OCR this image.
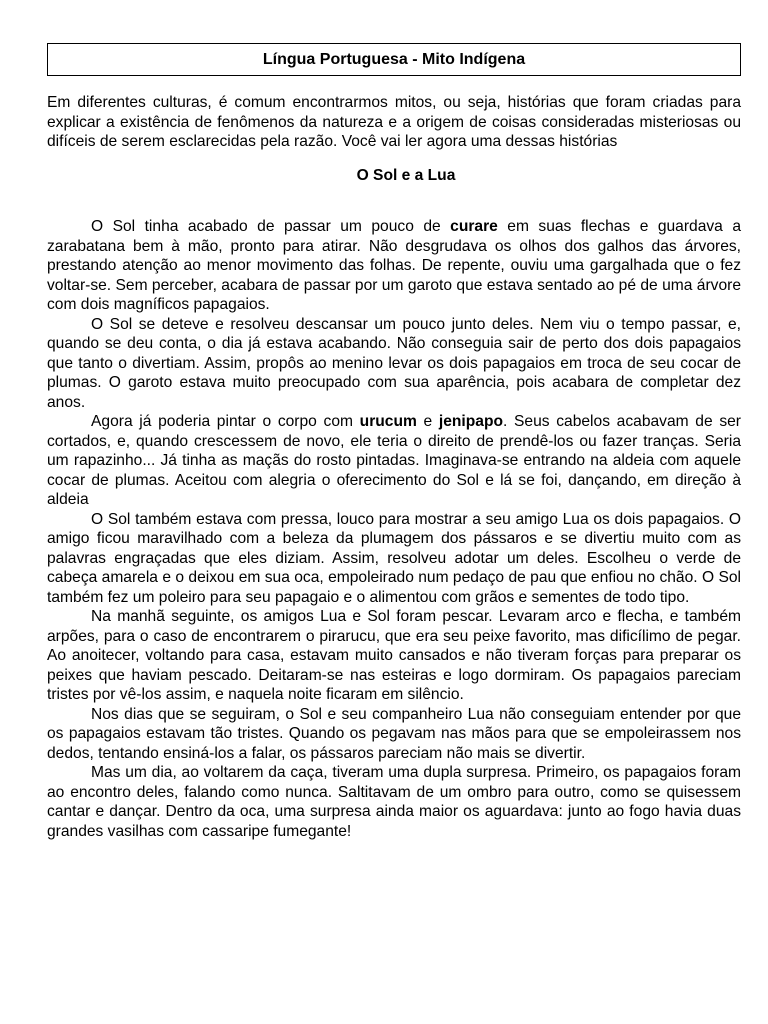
Língua Portuguesa - Mito Indígena
Em diferentes culturas, é comum encontrarmos mitos, ou seja, histórias que foram criadas para explicar a existência de fenômenos da natureza e a origem de coisas consideradas misteriosas ou difíceis de serem esclarecidas pela razão. Você vai ler agora uma dessas histórias
O Sol e a Lua

O Sol tinha acabado de passar um pouco de curare em suas flechas e guardava a zarabatana bem à mão, pronto para atirar. Não desgrudava os olhos dos galhos das árvores, prestando atenção ao menor movimento das folhas. De repente, ouviu uma gargalhada que o fez voltar-se. Sem perceber, acabara de passar por um garoto que estava sentado ao pé de uma árvore com dois magníficos papagaios.

O Sol se deteve e resolveu descansar um pouco junto deles. Nem viu o tempo passar, e, quando se deu conta, o dia já estava acabando. Não conseguia sair de perto dos dois papagaios que tanto o divertiam. Assim, propôs ao menino levar os dois papagaios em troca de seu cocar de plumas. O garoto estava muito preocupado com sua aparência, pois acabara de completar dez anos.

Agora já poderia pintar o corpo com urucum e jenipapo. Seus cabelos acabavam de ser cortados, e, quando crescessem de novo, ele teria o direito de prendê-los ou fazer tranças. Seria um rapazinho... Já tinha as maçãs do rosto pintadas. Imaginava-se entrando na aldeia com aquele cocar de plumas. Aceitou com alegria o oferecimento do Sol e lá se foi, dançando, em direção à aldeia

O Sol também estava com pressa, louco para mostrar a seu amigo Lua os dois papagaios. O amigo ficou maravilhado com a beleza da plumagem dos pássaros e se divertiu muito com as palavras engraçadas que eles diziam. Assim, resolveu adotar um deles. Escolheu o verde de cabeça amarela e o deixou em sua oca, empoleirado num pedaço de pau que enfiou no chão. O Sol também fez um poleiro para seu papagaio e o alimentou com grãos e sementes de todo tipo.

Na manhã seguinte, os amigos Lua e Sol foram pescar. Levaram arco e flecha, e também arpões, para o caso de encontrarem o pirarucu, que era seu peixe favorito, mas dificílimo de pegar. Ao anoitecer, voltando para casa, estavam muito cansados e não tiveram forças para preparar os peixes que haviam pescado. Deitaram-se nas esteiras e logo dormiram. Os papagaios pareciam tristes por vê-los assim, e naquela noite ficaram em silêncio.

Nos dias que se seguiram, o Sol e seu companheiro Lua não conseguiam entender por que os papagaios estavam tão tristes. Quando os pegavam nas mãos para que se empoleirassem nos dedos, tentando ensiná-los a falar, os pássaros pareciam não mais se divertir.

Mas um dia, ao voltarem da caça, tiveram uma dupla surpresa. Primeiro, os papagaios foram ao encontro deles, falando como nunca. Saltitavam de um ombro para outro, como se quisessem cantar e dançar. Dentro da oca, uma surpresa ainda maior os aguardava: junto ao fogo havia duas grandes vasilhas com cassaripe fumegante!
